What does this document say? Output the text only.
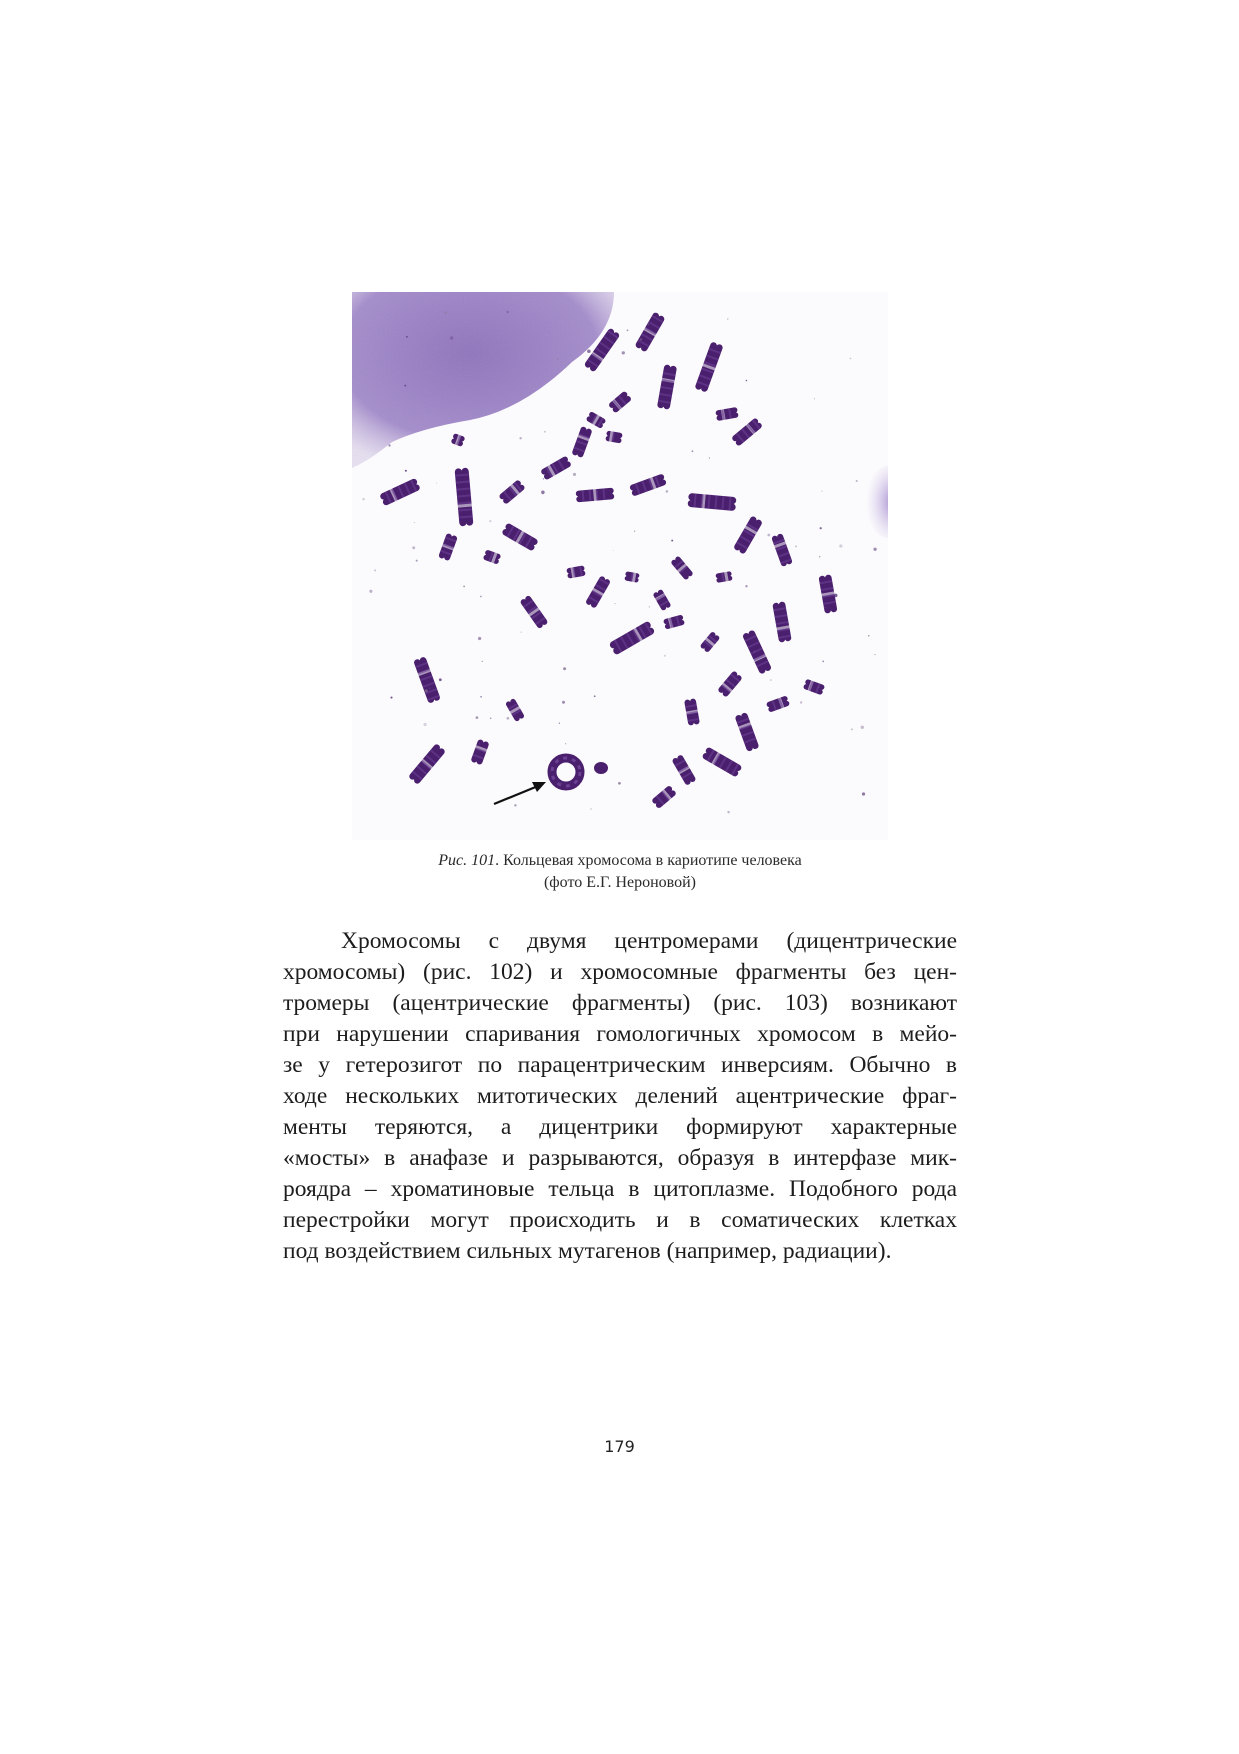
Рис. 101. Кольцевая хромосома в кариотипе человека
(фото Е.Г. Нероновой)
Хромосомы с двумя центромерами (дицентрические
хромосомы) (рис. 102) и хромосомные фрагменты без цен-
тромеры (ацентрические фрагменты) (рис. 103) возникают
при нарушении спаривания гомологичных хромосом в мейо-
зе у гетерозигот по парацентрическим инверсиям. Обычно в
ходе нескольких митотических делений ацентрические фраг-
менты теряются, а дицентрики формируют характерные
«мосты» в анафазе и разрываются, образуя в интерфазе мик-
роядра – хроматиновые тельца в цитоплазме. Подобного рода
перестройки могут происходить и в соматических клетках
под воздействием сильных мутагенов (например, радиации).
179
